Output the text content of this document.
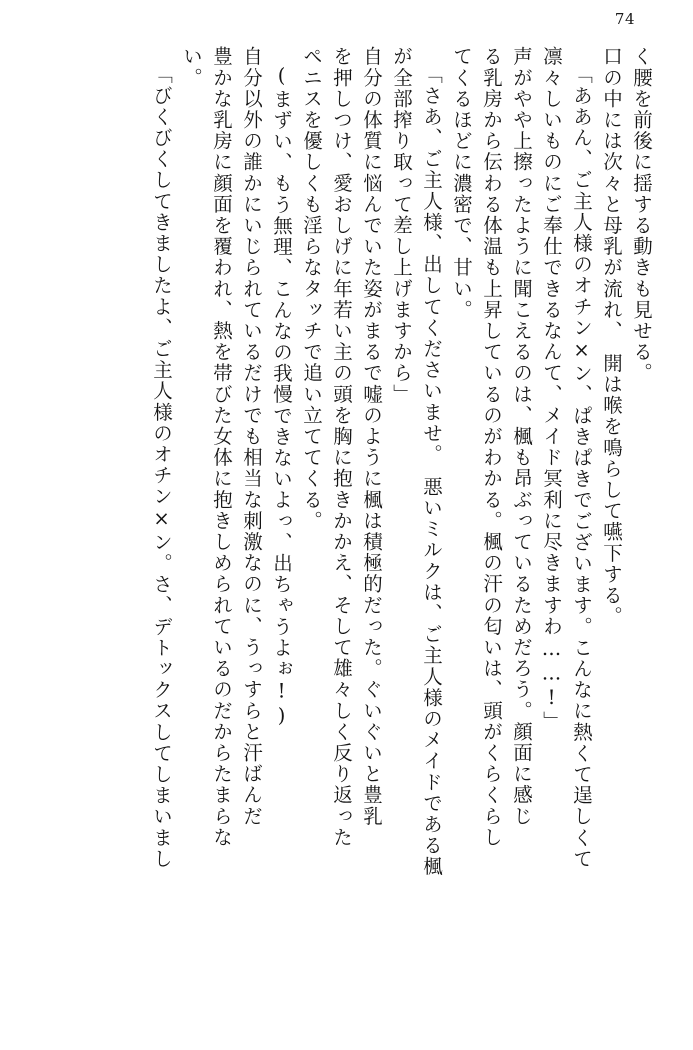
74
く腰を前後に揺する動きも見せる。
口の中には次々と母乳が流れ、　開は喉を鳴らして嚥下する。
「ああん、ご主人様のオチン×ン、ぱきぱきでございます。こんなに熱くて逞しくて
凛々しいものにご奉仕できるなんて、メイド冥利に尽きますわ……!」
声がやや上擦ったように聞こえるのは、楓も昂ぶっているためだろう。顔面に感じ
る乳房から伝わる体温も上昇しているのがわかる。楓の汗の匂いは、頭がくらくらし
てくるほどに濃密で、甘い。
「さあ、ご主人様、出してくださいませ。　悪いミルクは、ご主人様のメイドである楓
が全部搾り取って差し上げますから」
自分の体質に悩んでいた姿がまるで嘘のように楓は積極的だった。ぐいぐいと豊乳
を押しつけ、愛おしげに年若い主の頭を胸に抱きかかえ、そして雄々しく反り返った
ペニスを優しくも淫らなタッチで追い立ててくる。
(まずい、もう無理、こんなの我慢できないよっ、出ちゃうよぉ!)
自分以外の誰かにいじられているだけでも相当な刺激なのに、うっすらと汗ばんだ
豊かな乳房に顔面を覆われ、熱を帯びた女体に抱きしめられているのだからたまらな
い。
「びくびくしてきましたよ、ご主人様のオチン×ン。さ、デトックスしてしまいまし
